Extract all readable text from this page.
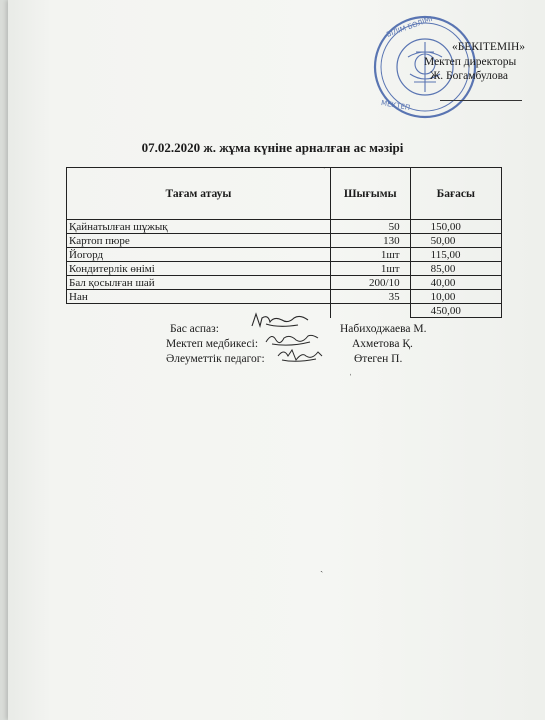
БІЛІМ БӨЛІМІ
МЕКТЕП
«БЕКІТЕМІН»
Мектеп директоры
Ж. Богамбулова
07.02.2020 ж. жұма күніне арналған ас мәзірі
ˏ
Тағам атауы	Шығымы	Бағасы
Қайнатылған шұжық	50	150,00
Картоп пюре	130	50,00
Йогорд	1шт	115,00
Кондитерлік өнімі	1шт	85,00
Бал қосылған шай	200/10	40,00
Нан	35	10,00
		450,00
Бас аспаз:	Набиходжаева М.
Мектеп медбикесі:	Ахметова Қ.
Әлеуметтік педагог:	Өтеген П.
ˌ
ˏ
